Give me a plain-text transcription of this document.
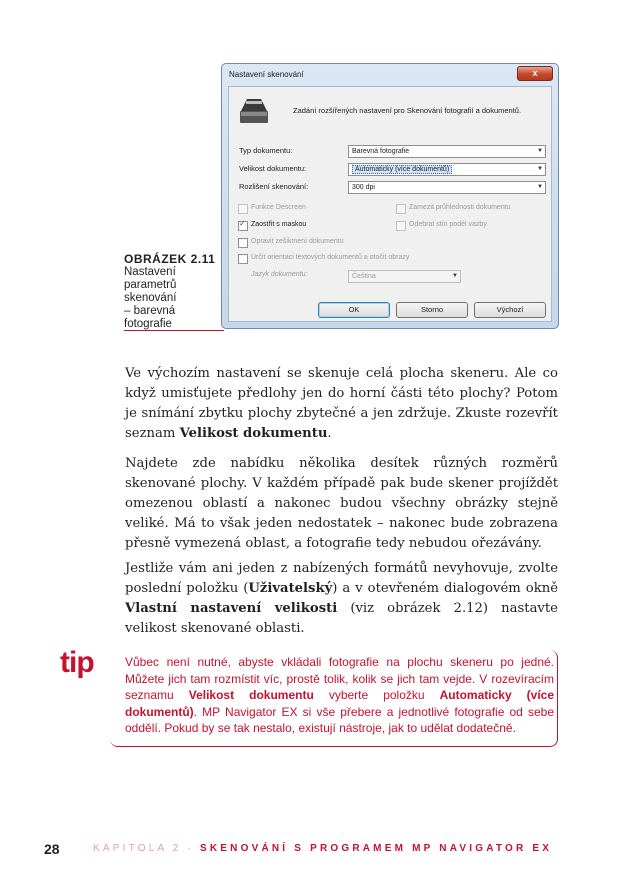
OBRÁZEK 2.11
Nastavení
parametrů
skenování
– barevná
fotografie
Nastavení skenování	x
Zadání rozšířených nastavení pro Skenování fotografií a dokumentů.
Typ dokumentu:	Barevná fotografie	▼
Velikost dokumentu:	Automaticky (více dokumentů)	▼
Rozlišení skenování:	300 dpi	▼
Funkce Descreen
✓
Zaostřit s maskou
Opravit zešikmení dokumentu
Určit orientaci textových dokumentů a otočit obrazy
Jazyk dokumentu:	Čeština	▼
Zamezit průhlednosti dokumentu
Odebrat stín podél vazby
OK	Storno	Výchozí

Ve výchozím nastavení se skenuje celá plocha skeneru. Ale co když umisťujete předlohy jen do horní části této plochy? Potom je snímání zbytku plochy zbytečné a jen zdržuje. Zkuste rozevřít seznam Velikost dokumentu.

Najdete zde nabídku několika desítek různých rozměrů skenované plochy. V každém případě pak bude skener projíždět omezenou oblastí a nakonec budou všechny obrázky stejně veliké. Má to však jeden nedostatek – nakonec bude zobrazena přesně vymezená oblast, a fotografie tedy nebudou ořezávány.

Jestliže vám ani jeden z nabízených formátů nevyhovuje, zvolte poslední položku (Uživatelský) a v otevřeném dialogovém okně Vlastní nastavení velikosti (viz obrázek 2.12) nastavte velikost skenované oblasti.

tip	Vůbec není nutné, abyste vkládali fotografie na plochu skeneru po jedné. Můžete jich tam rozmístit víc, prostě tolik, kolik se jich tam vejde. V rozevíracím seznamu Velikost dokumentu vyberte položku Automaticky (více dokumentů). MP Navigator EX si vše přebere a jednotlivé fotografie od sebe oddělí. Pokud by se tak nestalo, existují nástroje, jak to udělat dodatečně.
28	KAPITOLA 2 · SKENOVÁNÍ S PROGRAMEM MP NAVIGATOR EX
